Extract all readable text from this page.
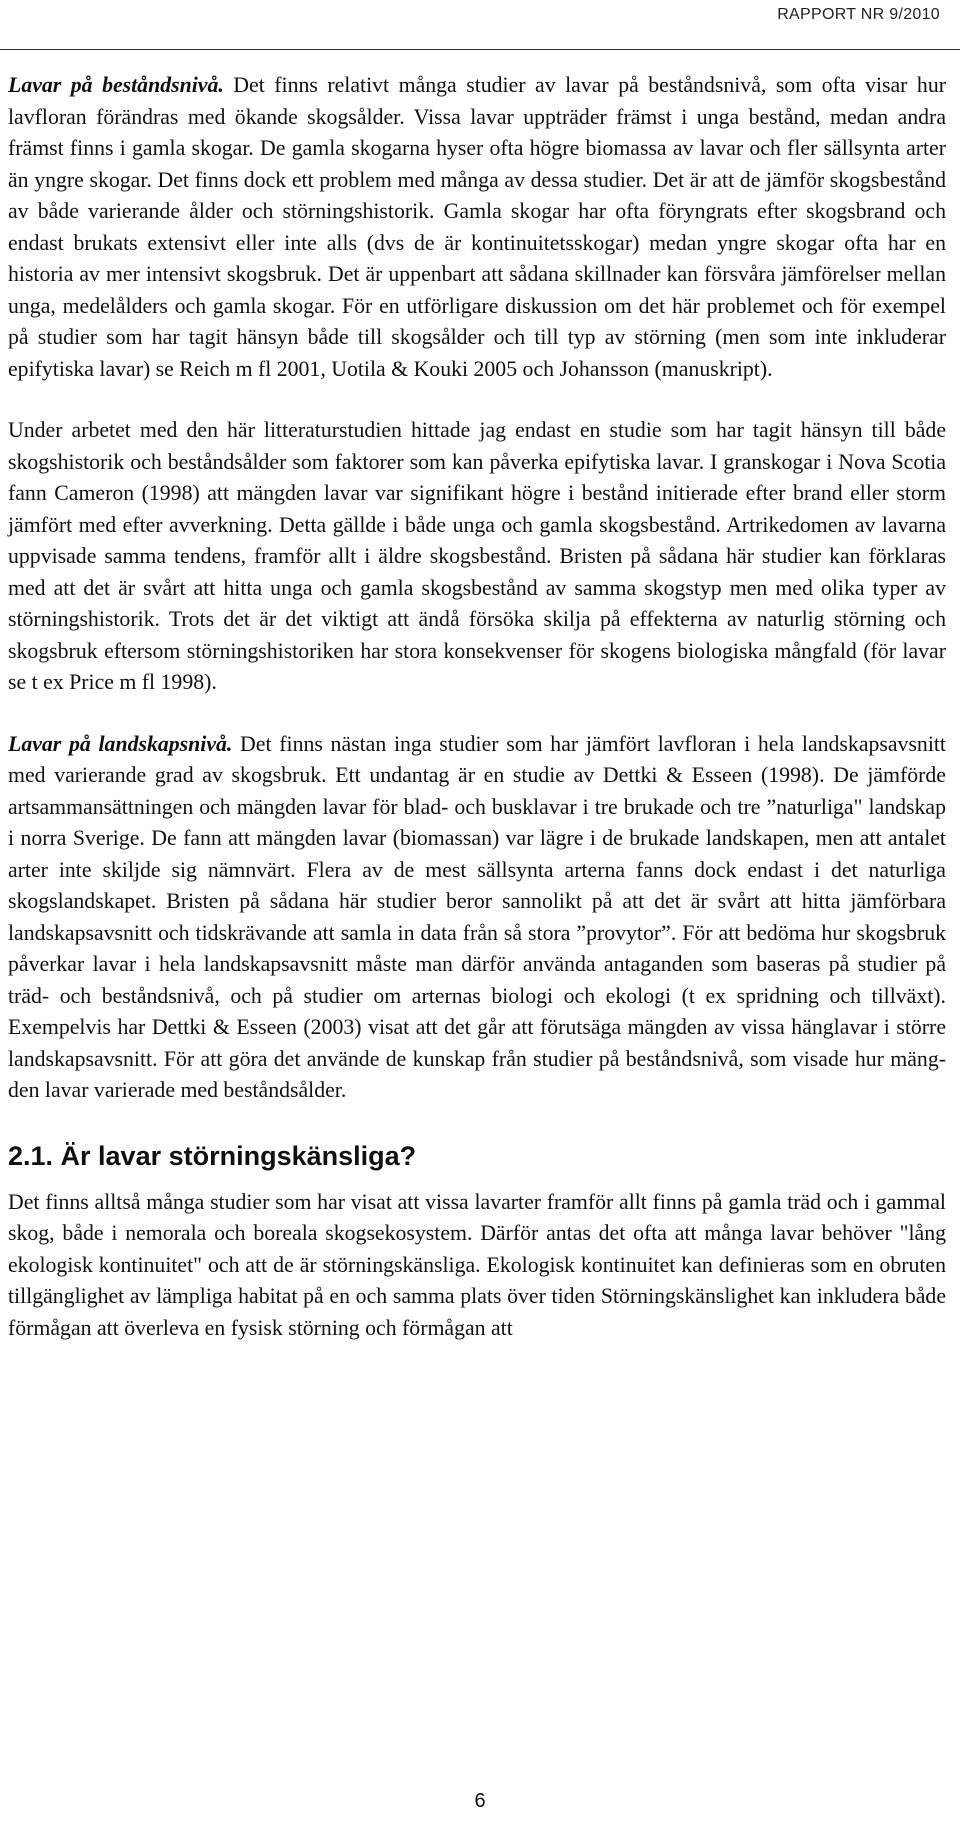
RAPPORT NR 9/2010

Lavar på beståndsnivå. Det finns relativt många studier av lavar på beståndsnivå, som ofta visar hur lavfloran förändras med ökande skogsålder. Vissa lavar uppträder främst i unga bestånd, medan andra främst finns i gamla skogar. De gamla skogarna hyser ofta högre biomassa av lavar och fler sällsynta arter än yngre skogar. Det finns dock ett problem med många av dessa studier. Det är att de jämför skogsbestånd av både varierande ålder och störningshistorik. Gamla skogar har ofta föryngrats efter skogsbrand och endast brukats extensivt eller inte alls (dvs de är kontinuitetsskogar) medan yngre skogar ofta har en historia av mer intensivt skogsbruk. Det är uppenbart att sådana skillnader kan försvåra jämförelser mellan unga, medelålders och gamla skogar. För en utförligare diskussion om det här problemet och för exempel på studier som har tagit hänsyn både till skogsålder och till typ av störning (men som inte inkluderar epifytiska lavar) se Reich m fl 2001, Uotila & Kouki 2005 och Johansson (manuskript).

Under arbetet med den här litteraturstudien hittade jag endast en studie som har tagit hänsyn till både skogshistorik och beståndsålder som faktorer som kan påverka epifytiska lavar. I granskogar i Nova Scotia fann Cameron (1998) att mängden lavar var signifikant högre i bestånd initierade efter brand eller storm jämfört med efter avverkning. Detta gällde i både unga och gamla skogsbestånd. Artrikedomen av lavarna uppvisade samma tendens, framför allt i äldre skogsbestånd. Bristen på sådana här studier kan förklaras med att det är svårt att hitta unga och gamla skogsbestånd av samma skogstyp men med olika typer av störningshistorik. Trots det är det viktigt att ändå försöka skilja på effekterna av naturlig störning och skogsbruk eftersom störningshistoriken har stora konsekvenser för skogens biologiska mångfald (för lavar se t ex Price m fl 1998).

Lavar på landskapsnivå. Det finns nästan inga studier som har jämfört lavfloran i hela landskapsavsnitt med varierande grad av skogsbruk. Ett undantag är en studie av Dettki & Esseen (1998). De jämförde artsammansättningen och mängden lavar för blad- och busklavar i tre brukade och tre ”naturliga" landskap i norra Sverige. De fann att mängden lavar (biomassan) var lägre i de brukade landskapen, men att antalet arter inte skiljde sig nämnvärt. Flera av de mest sällsynta arterna fanns dock endast i det naturliga skogslandskapet. Bristen på sådana här studier beror sannolikt på att det är svårt att hitta jämförbara landskapsavsnitt och tidskrävande att samla in data från så stora ”provytor”. För att bedöma hur skogsbruk påverkar lavar i hela landskapsavsnitt måste man därför använda antaganden som baseras på studier på träd- och beståndsnivå, och på studier om arternas biologi och ekologi (t ex spridning och tillväxt). Exempelvis har Dettki & Esseen (2003) visat att det går att förutsäga mängden av vissa hänglavar i större landskapsavsnitt. För att göra det använde de kunskap från studier på beståndsnivå, som visade hur mängden lavar varierade med beståndsålder.

2.1. Är lavar störningskänsliga?

Det finns alltså många studier som har visat att vissa lavarter framför allt finns på gamla träd och i gammal skog, både i nemorala och boreala skogsekosystem. Därför antas det ofta att många lavar behöver "lång ekologisk kontinuitet" och att de är störningskänsliga. Ekologisk kontinuitet kan definieras som en obruten tillgänglighet av lämpliga habitat på en och samma plats över tiden Störningskänslighet kan inkludera både förmågan att överleva en fysisk störning och förmågan att

6
